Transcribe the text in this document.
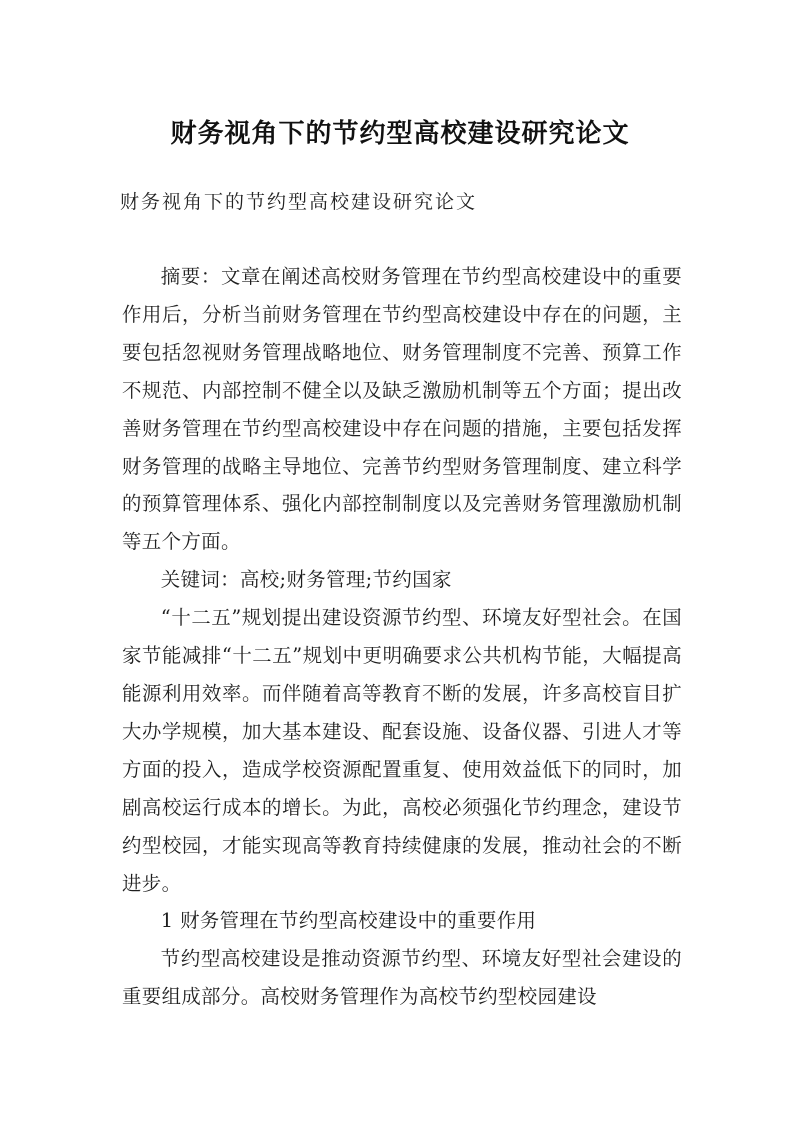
财务视角下的节约型高校建设研究论文
财务视角下的节约型高校建设研究论文

摘要：文章在阐述高校财务管理在节约型高校建设中的重要作用后，分析当前财务管理在节约型高校建设中存在的问题，主要包括忽视财务管理战略地位、财务管理制度不完善、预算工作不规范、内部控制不健全以及缺乏激励机制等五个方面；提出改善财务管理在节约型高校建设中存在问题的措施，主要包括发挥财务管理的战略主导地位、完善节约型财务管理制度、建立科学的预算管理体系、强化内部控制制度以及完善财务管理激励机制等五个方面。

关键词：高校;财务管理;节约国家

“十二五”规划提出建设资源节约型、环境友好型社会。在国家节能减排“十二五”规划中更明确要求公共机构节能，大幅提高能源利用效率。而伴随着高等教育不断的发展，许多高校盲目扩大办学规模，加大基本建设、配套设施、设备仪器、引进人才等方面的投入，造成学校资源配置重复、使用效益低下的同时，加剧高校运行成本的增长。为此，高校必须强化节约理念，建设节约型校园，才能实现高等教育持续健康的发展，推动社会的不断进步。

1 财务管理在节约型高校建设中的重要作用

节约型高校建设是推动资源节约型、环境友好型社会建设的重要组成部分。高校财务管理作为高校节约型校园建设
